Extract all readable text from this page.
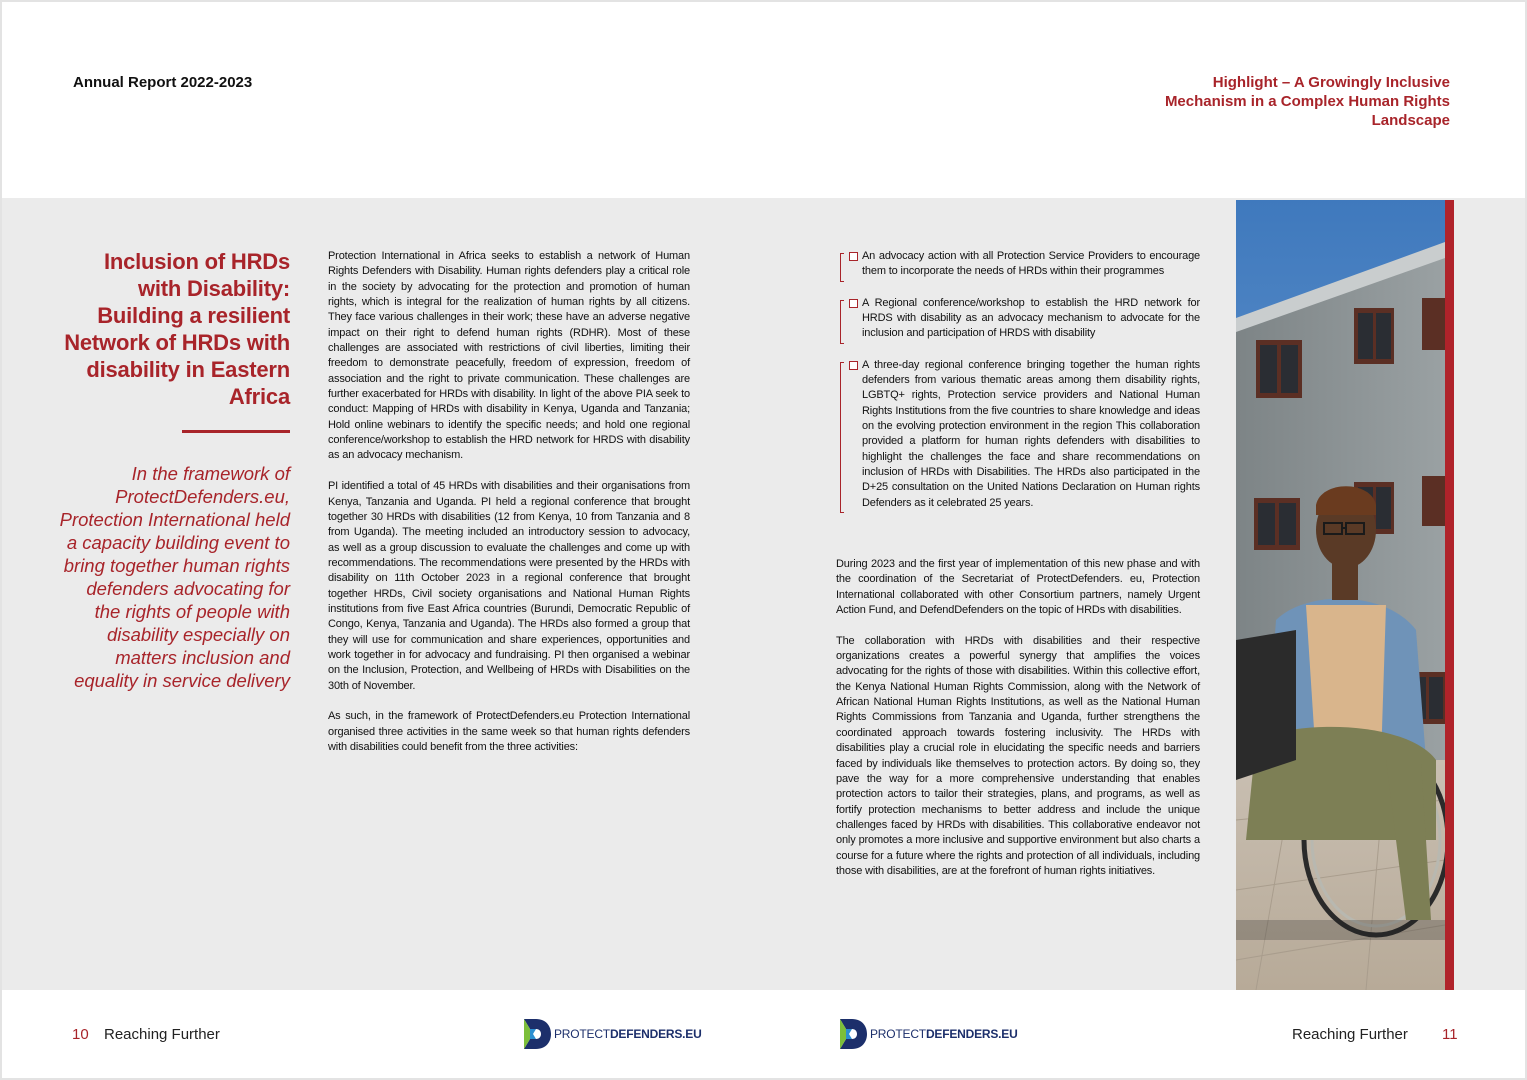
Annual Report 2022-2023	Highlight – A Growingly Inclusive Mechanism in a Complex Human Rights Landscape
Inclusion of HRDs with Disability: Building a resilient Network of HRDs with disability in Eastern Africa
In the framework of ProtectDefenders.eu, Protection International held a capacity building event to bring together human rights defenders advocating for the rights of people with disability especially on matters inclusion and equality in service delivery

Protection International in Africa seeks to establish a network of Human Rights Defenders with Disability. Human rights defenders play a critical role in the society by advocating for the protection and promotion of human rights, which is integral for the realization of human rights by all citizens. They face various challenges in their work; these have an adverse negative impact on their right to defend human rights (RDHR). Most of these challenges are associated with restrictions of civil liberties, limiting their freedom to demonstrate peacefully, freedom of expression, freedom of association and the right to private communication. These challenges are further exacerbated for HRDs with disability. In light of the above PIA seek to conduct: Mapping of HRDs with disability in Kenya, Uganda and Tanzania; Hold online webinars to identify the specific needs; and hold one regional conference/workshop to establish the HRD network for HRDS with disability as an advocacy mechanism.

PI identified a total of 45 HRDs with disabilities and their organisations from Kenya, Tanzania and Uganda. PI held a regional conference that brought together 30 HRDs with disabilities (12 from Kenya, 10 from Tanzania and 8 from Uganda). The meeting included an introductory session to advocacy, as well as a group discussion to evaluate the challenges and come up with recommendations. The recommendations were presented by the HRDs with disability on 11th October 2023 in a regional conference that brought together HRDs, Civil society organisations and National Human Rights institutions from five East Africa countries (Burundi, Democratic Republic of Congo, Kenya, Tanzania and Uganda). The HRDs also formed a group that they will use for communication and share experiences, opportunities and work together in for advocacy and fundraising. PI then organised a webinar on the Inclusion, Protection, and Wellbeing of HRDs with Disabilities on the 30th of November.

As such, in the framework of ProtectDefenders.eu Protection International organised three activities in the same week so that human rights defenders with disabilities could benefit from the three activities:

An advocacy action with all Protection Service Providers to encourage them to incorporate the needs of HRDs within their programmes
A Regional conference/workshop to establish the HRD network for HRDS with disability as an advocacy mechanism to advocate for the inclusion and participation of HRDS with disability
A three-day regional conference bringing together the human rights defenders from various thematic areas among them disability rights, LGBTQ+ rights, Protection service providers and National Human Rights Institutions from the five countries to share knowledge and ideas on the evolving protection environment in the region This collaboration provided a platform for human rights defenders with disabilities to highlight the challenges the face and share recommendations on inclusion of HRDs with Disabilities. The HRDs also participated in the D+25 consultation on the United Nations Declaration on Human rights Defenders as it celebrated 25 years.

During 2023 and the first year of implementation of this new phase and with the coordination of the Secretariat of ProtectDefenders. eu, Protection International collaborated with other Consortium partners, namely Urgent Action Fund, and DefendDefenders on the topic of HRDs with disabilities.

The collaboration with HRDs with disabilities and their respective organizations creates a powerful synergy that amplifies the voices advocating for the rights of those with disabilities. Within this collective effort, the Kenya National Human Rights Commission, along with the Network of African National Human Rights Institutions, as well as the National Human Rights Commissions from Tanzania and Uganda, further strengthens the coordinated approach towards fostering inclusivity. The HRDs with disabilities play a crucial role in elucidating the specific needs and barriers faced by individuals like themselves to protection actors. By doing so, they pave the way for a more comprehensive understanding that enables protection actors to tailor their strategies, plans, and programs, as well as fortify protection mechanisms to better address and include the unique challenges faced by HRDs with disabilities. This collaborative endeavor not only promotes a more inclusive and supportive environment but also charts a course for a future where the rights and protection of all individuals, including those with disabilities, are at the forefront of human rights initiatives.

10 Reaching Further	PROTECTDEFENDERS.EU	PROTECTDEFENDERS.EU	Reaching Further 11
